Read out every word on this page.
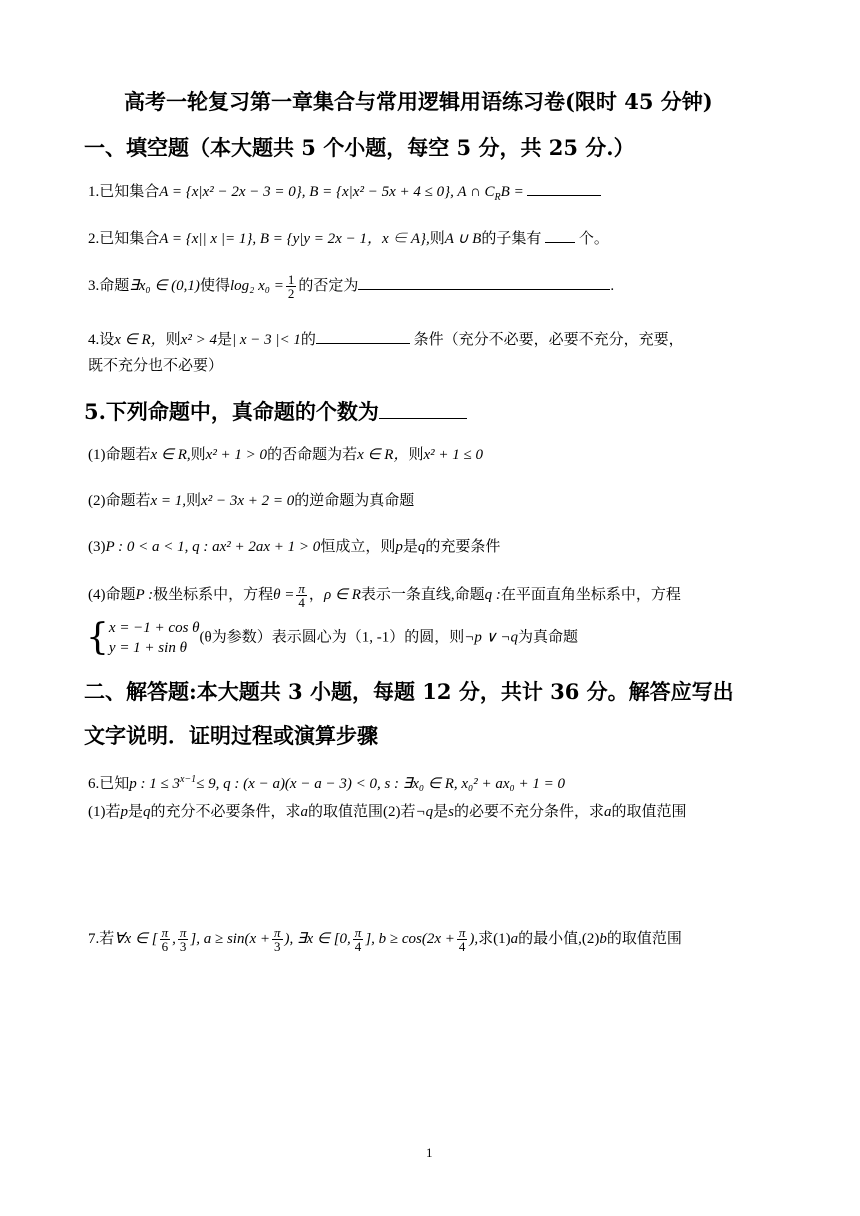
高考一轮复习第一章集合与常用逻辑用语练习卷(限时 45 分钟)
一、填空题（本大题共 5 个小题，每空 5 分，共 25 分.）
1.已知集合A = {x|x² − 2x − 3 = 0}, B = {x|x² − 5x + 4 ≤ 0}, A ∩ $C_RB$ =
2.已知集合A = {x|| x |= 1}, B = {y|y = 2x − 1，x ∈ A},则A ∪ B的子集有	个。
3.命题∃x₀ ∈ (0,1)使得log₂ $x_0 = \frac{1}{2}$ 的否定为	.
4.设x ∈ R，则x² > 4是| x − 3 |< 1的	条件（充分不必要，必要不充分，充要，
既不充分也不必要）
5.下列命题中，真命题的个数为
(1)命题若x ∈ R,则x² + 1 > 0的否命题为若x ∈ R，则x² + 1 ≤ 0
(2)命题若x = 1,则x² − 3x + 2 = 0的逆命题为真命题
(3)P : 0 < a < 1, q : ax² + 2ax + 1 > 0恒成立，则p是q的充要条件
(4)命题P :极坐标系中，方程$\theta = \frac{\pi}{4}$ ，ρ ∈ R表示一条直线,命题q :在平面直角坐标系中，方程
{ x = −1 + cos θ
y = 1 + sin θ
(θ为参数）表示圆心为（1, -1）的圆，则¬p ∨ ¬q为真命题
二、解答题:本大题共 3 小题，每题 12 分，共计 36 分。解答应写出
文字说明．证明过程或演算步骤
6.已知p : $1 \le 3^{x-1}\le 9$, q : (x − a)(x − a − 3) < 0, s : ∃x₀ ∈ R, x₀² + ax₀ + 1 = 0
(1)若p是q的充分不必要条件，求a的取值范围(2)若¬q是s的必要不充分条件，求a的取值范围
7.若∀x ∈ [ $\frac{\pi}{6}$ , $\frac{\pi}{3}$ ], $a \ge \sin(x + \frac{\pi}{3}$ ), ∃x ∈ [0, $\frac{\pi}{4}$ ], $b \ge \cos(2x + \frac{\pi}{4}$ ),求(1)a的最小值,(2)b的取值范围
1
